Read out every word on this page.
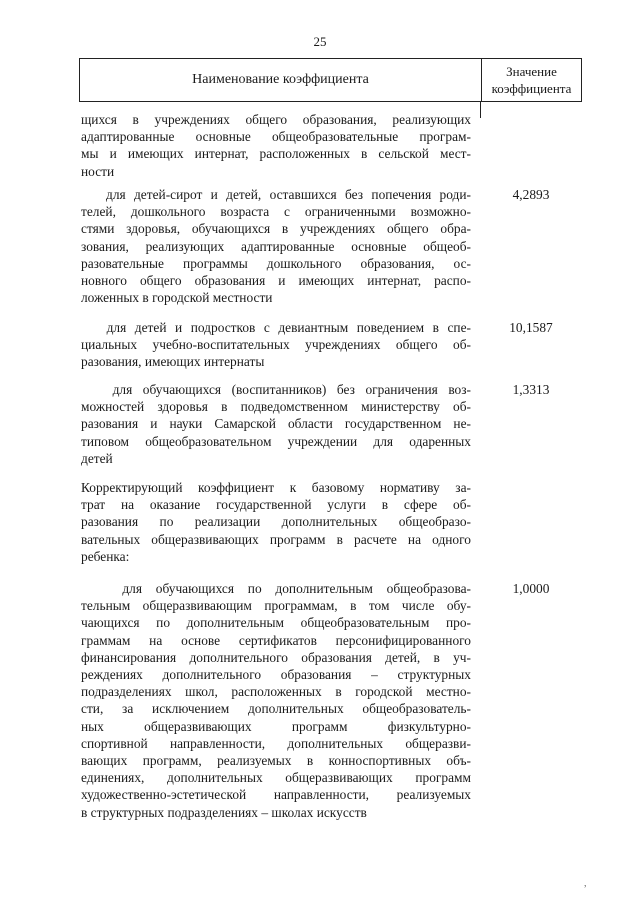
25
Наименование коэффициента
Значение коэффициента
щихся в учреждениях общего образования, реализующих
адаптированные основные общеобразовательные програм-
мы и имеющих интернат, расположенных в сельской мест-
ности
для детей-сирот и детей, оставшихся без попечения роди-
телей, дошкольного возраста с ограниченными возможно-
стями здоровья, обучающихся в учреждениях общего обра-
зования, реализующих адаптированные основные общеоб-
разовательные программы дошкольного образования, ос-
новного общего образования и имеющих интернат, распо-
ложенных в городской местности
4,2893
для детей и подростков с девиантным поведением в спе-
циальных учебно-воспитательных учреждениях общего об-
разования, имеющих интернаты
10,1587
для обучающихся (воспитанников) без ограничения воз-
можностей здоровья в подведомственном министерству об-
разования и науки Самарской области государственном не-
типовом общеобразовательном учреждении для одаренных
детей
1,3313
Корректирующий коэффициент к базовому нормативу за-
трат на оказание государственной услуги в сфере об-
разования по реализации дополнительных общеобразо-
вательных общеразвивающих программ в расчете на одного
ребенка:
для обучающихся по дополнительным общеобразова-
тельным общеразвивающим программам, в том числе обу-
чающихся по дополнительным общеобразовательным про-
граммам на основе сертификатов персонифицированного
финансирования дополнительного образования детей, в уч-
реждениях дополнительного образования – структурных
подразделениях школ, расположенных в городской местно-
сти, за исключением дополнительных общеобразователь-
ных       общеразвивающих       программ       физкультурно-
спортивной направленности, дополнительных общеразви-
вающих программ, реализуемых в конноспортивных объ-
единениях, дополнительных общеразвивающих программ
художественно-эстетической направленности, реализуемых
в структурных подразделениях – школах искусств
1,0000
,
